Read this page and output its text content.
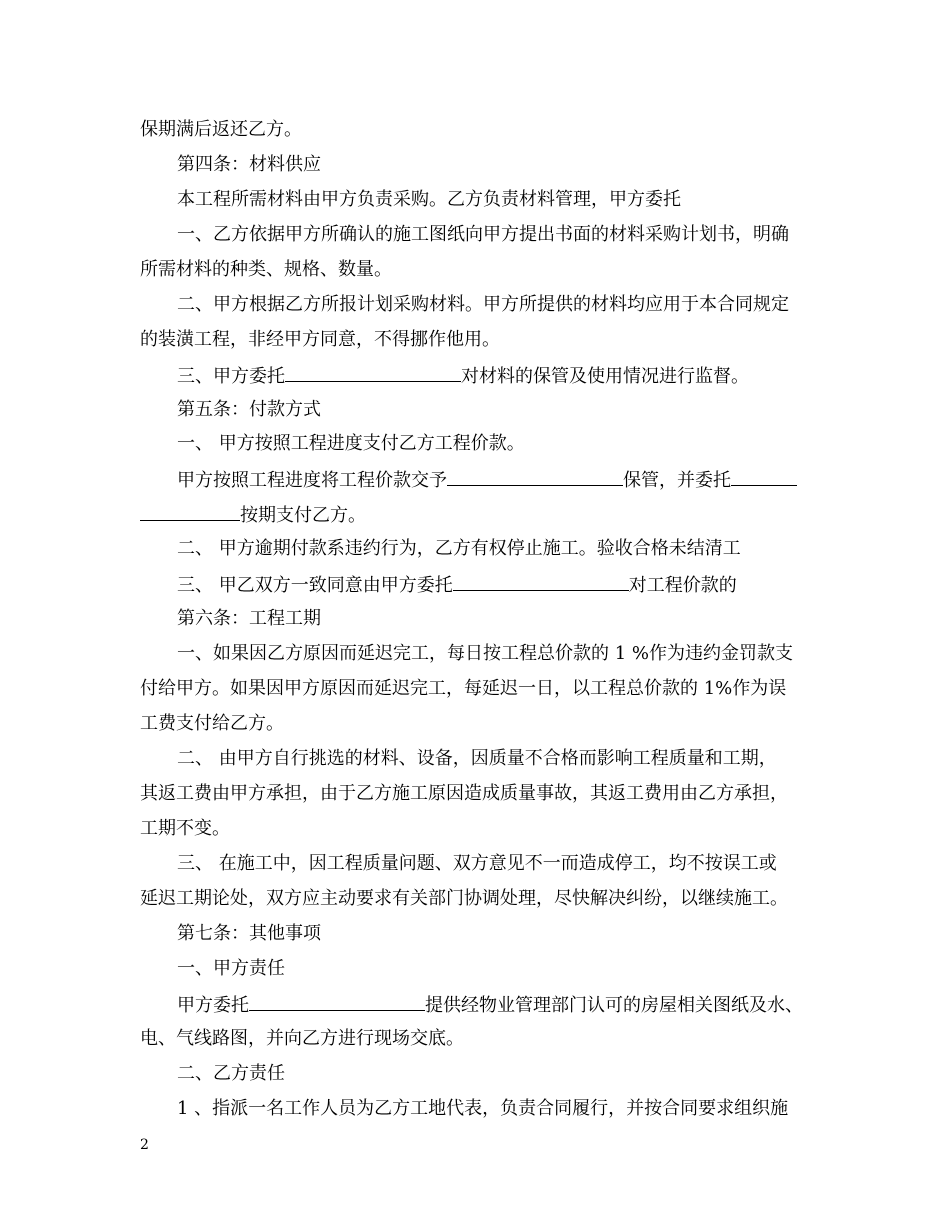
保期满后返还乙方。
第四条：材料供应
本工程所需材料由甲方负责采购。乙方负责材料管理，甲方委托
一、乙方依据甲方所确认的施工图纸向甲方提出书面的材料采购计划书，明确
所需材料的种类、规格、数量。
二、甲方根据乙方所报计划采购材料。甲方所提供的材料均应用于本合同规定
的装潢工程，非经甲方同意，不得挪作他用。
三、甲方委托	对材料的保管及使用情况进行监督。
第五条：付款方式
一、 甲方按照工程进度支付乙方工程价款。
甲方按照工程进度将工程价款交予	保管，并委托
按期支付乙方。
二、 甲方逾期付款系违约行为，乙方有权停止施工。验收合格未结清工
三、 甲乙双方一致同意由甲方委托	对工程价款的
第六条：工程工期
一、如果因乙方原因而延迟完工，每日按工程总价款的 1 %作为违约金罚款支
付给甲方。如果因甲方原因而延迟完工，每延迟一日，以工程总价款的 1%作为误
工费支付给乙方。
二、 由甲方自行挑选的材料、设备，因质量不合格而影响工程质量和工期，
其返工费由甲方承担，由于乙方施工原因造成质量事故，其返工费用由乙方承担，
工期不变。
三、 在施工中，因工程质量问题、双方意见不一而造成停工，均不按误工或
延迟工期论处，双方应主动要求有关部门协调处理，尽快解决纠纷，以继续施工。
第七条：其他事项
一、甲方责任
甲方委托	提供经物业管理部门认可的房屋相关图纸及水、
电、气线路图，并向乙方进行现场交底。
二、乙方责任
1 、指派一名工作人员为乙方工地代表，负责合同履行，并按合同要求组织施
2
